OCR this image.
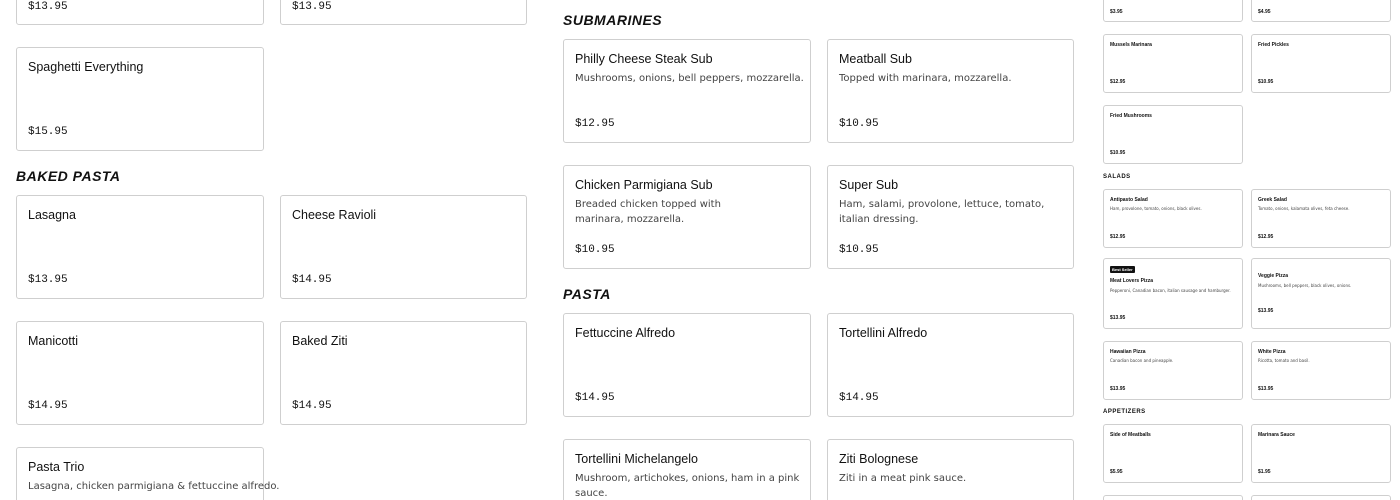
$13.95	$13.95
Spaghetti Everything
$15.95
BAKED PASTA
Lasagna
$13.95
Cheese Ravioli
$14.95
Manicotti
$14.95
Baked Ziti
$14.95
Pasta Trio
Lasagna, chicken parmigiana & fettuccine alfredo.
SUBMARINES
Philly Cheese Steak Sub
Mushrooms, onions, bell peppers, mozzarella.
$12.95
Meatball Sub
Topped with marinara, mozzarella.
$10.95
Chicken Parmigiana Sub
Breaded chicken topped with marinara, mozzarella.
$10.95
Super Sub
Ham, salami, provolone, lettuce, tomato, italian dressing.
$10.95
PASTA
Fettuccine Alfredo
$14.95
Tortellini Alfredo
$14.95
Tortellini Michelangelo
Mushroom, artichokes, onions, ham in a pink sauce.
Ziti Bolognese
Ziti in a meat pink sauce.
$3.95	$4.95
Mussels Marinara
$12.95
Fried Pickles
$10.95
Fried Mushrooms
$10.95
SALADS
Antipasto Salad
Ham, provolone, tomato, onions, black olives.
$12.95
Greek Salad
Tomato, onions, kalamata olives, feta cheese.
$12.95
Best Seller
Meat Lovers Pizza
Pepperoni, Canadian bacon, italian sausage and hamburger.
$13.95
Veggie Pizza
Mushrooms, bell peppers, black olives, onions.
$13.95
Hawaiian Pizza
Canadian bacon and pineapple.
$13.95
White Pizza
Ricotta, tomato and basil.
$13.95
APPETIZERS
Side of Meatballs
$5.95
Marinara Sauce
$1.95
